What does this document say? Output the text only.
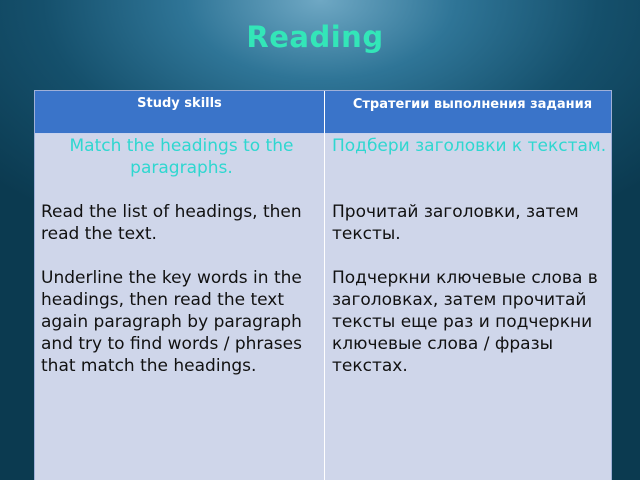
Reading
Study skills	Стратегии выполнения задания

Match the headings to the paragraphs.

Read the list of headings, then read the text.

Underline the key words in the headings, then read the text again paragraph by paragraph and try to find words / phrases that match the headings.

Подбери заголовки к текстам.

Прочитай заголовки, затем тексты.

Подчеркни ключевые слова в заголовках, затем прочитай тексты еще раз и подчеркни ключевые слова / фразы текстах.
